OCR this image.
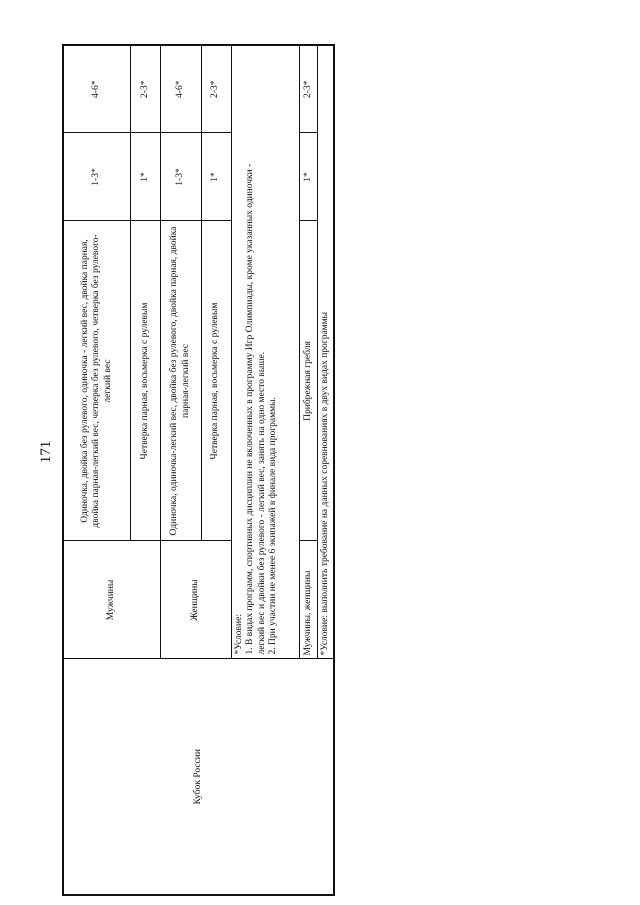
171
Кубок России	Мужчины	Одиночка, двойка без рулевого, одиночка - легкий вес, двойка парная, двойка парная-легкий вес, четверка без рулевого, четверка без рулевого-легкий вес	1-3*	4-6*
		Четверка парная, восьмерка с рулевым	1*	2-3*
	Женщины	Одиночка, одиночка-легкий вес, двойка без рулевого, двойка парная, двойка парная-легкий вес	1-3*	4-6*
		Четверка парная, восьмерка с рулевым	1*	2-3*

	*Условие: 1. В видах программ, спортивных дисциплин не включенных в программу Игр Олимпиады, кроме указанных одиночки - легкий вес и двойки без рулевого - легкий вес, занять на одно место выше. 2. При участии не менее 6 экипажей в финале вида программы.			

	Мужчины, женщины	Прибрежная гребля	1*	2-3*
	*Условие: выполнить требование на данных соревнованиях в двух видах программы			
